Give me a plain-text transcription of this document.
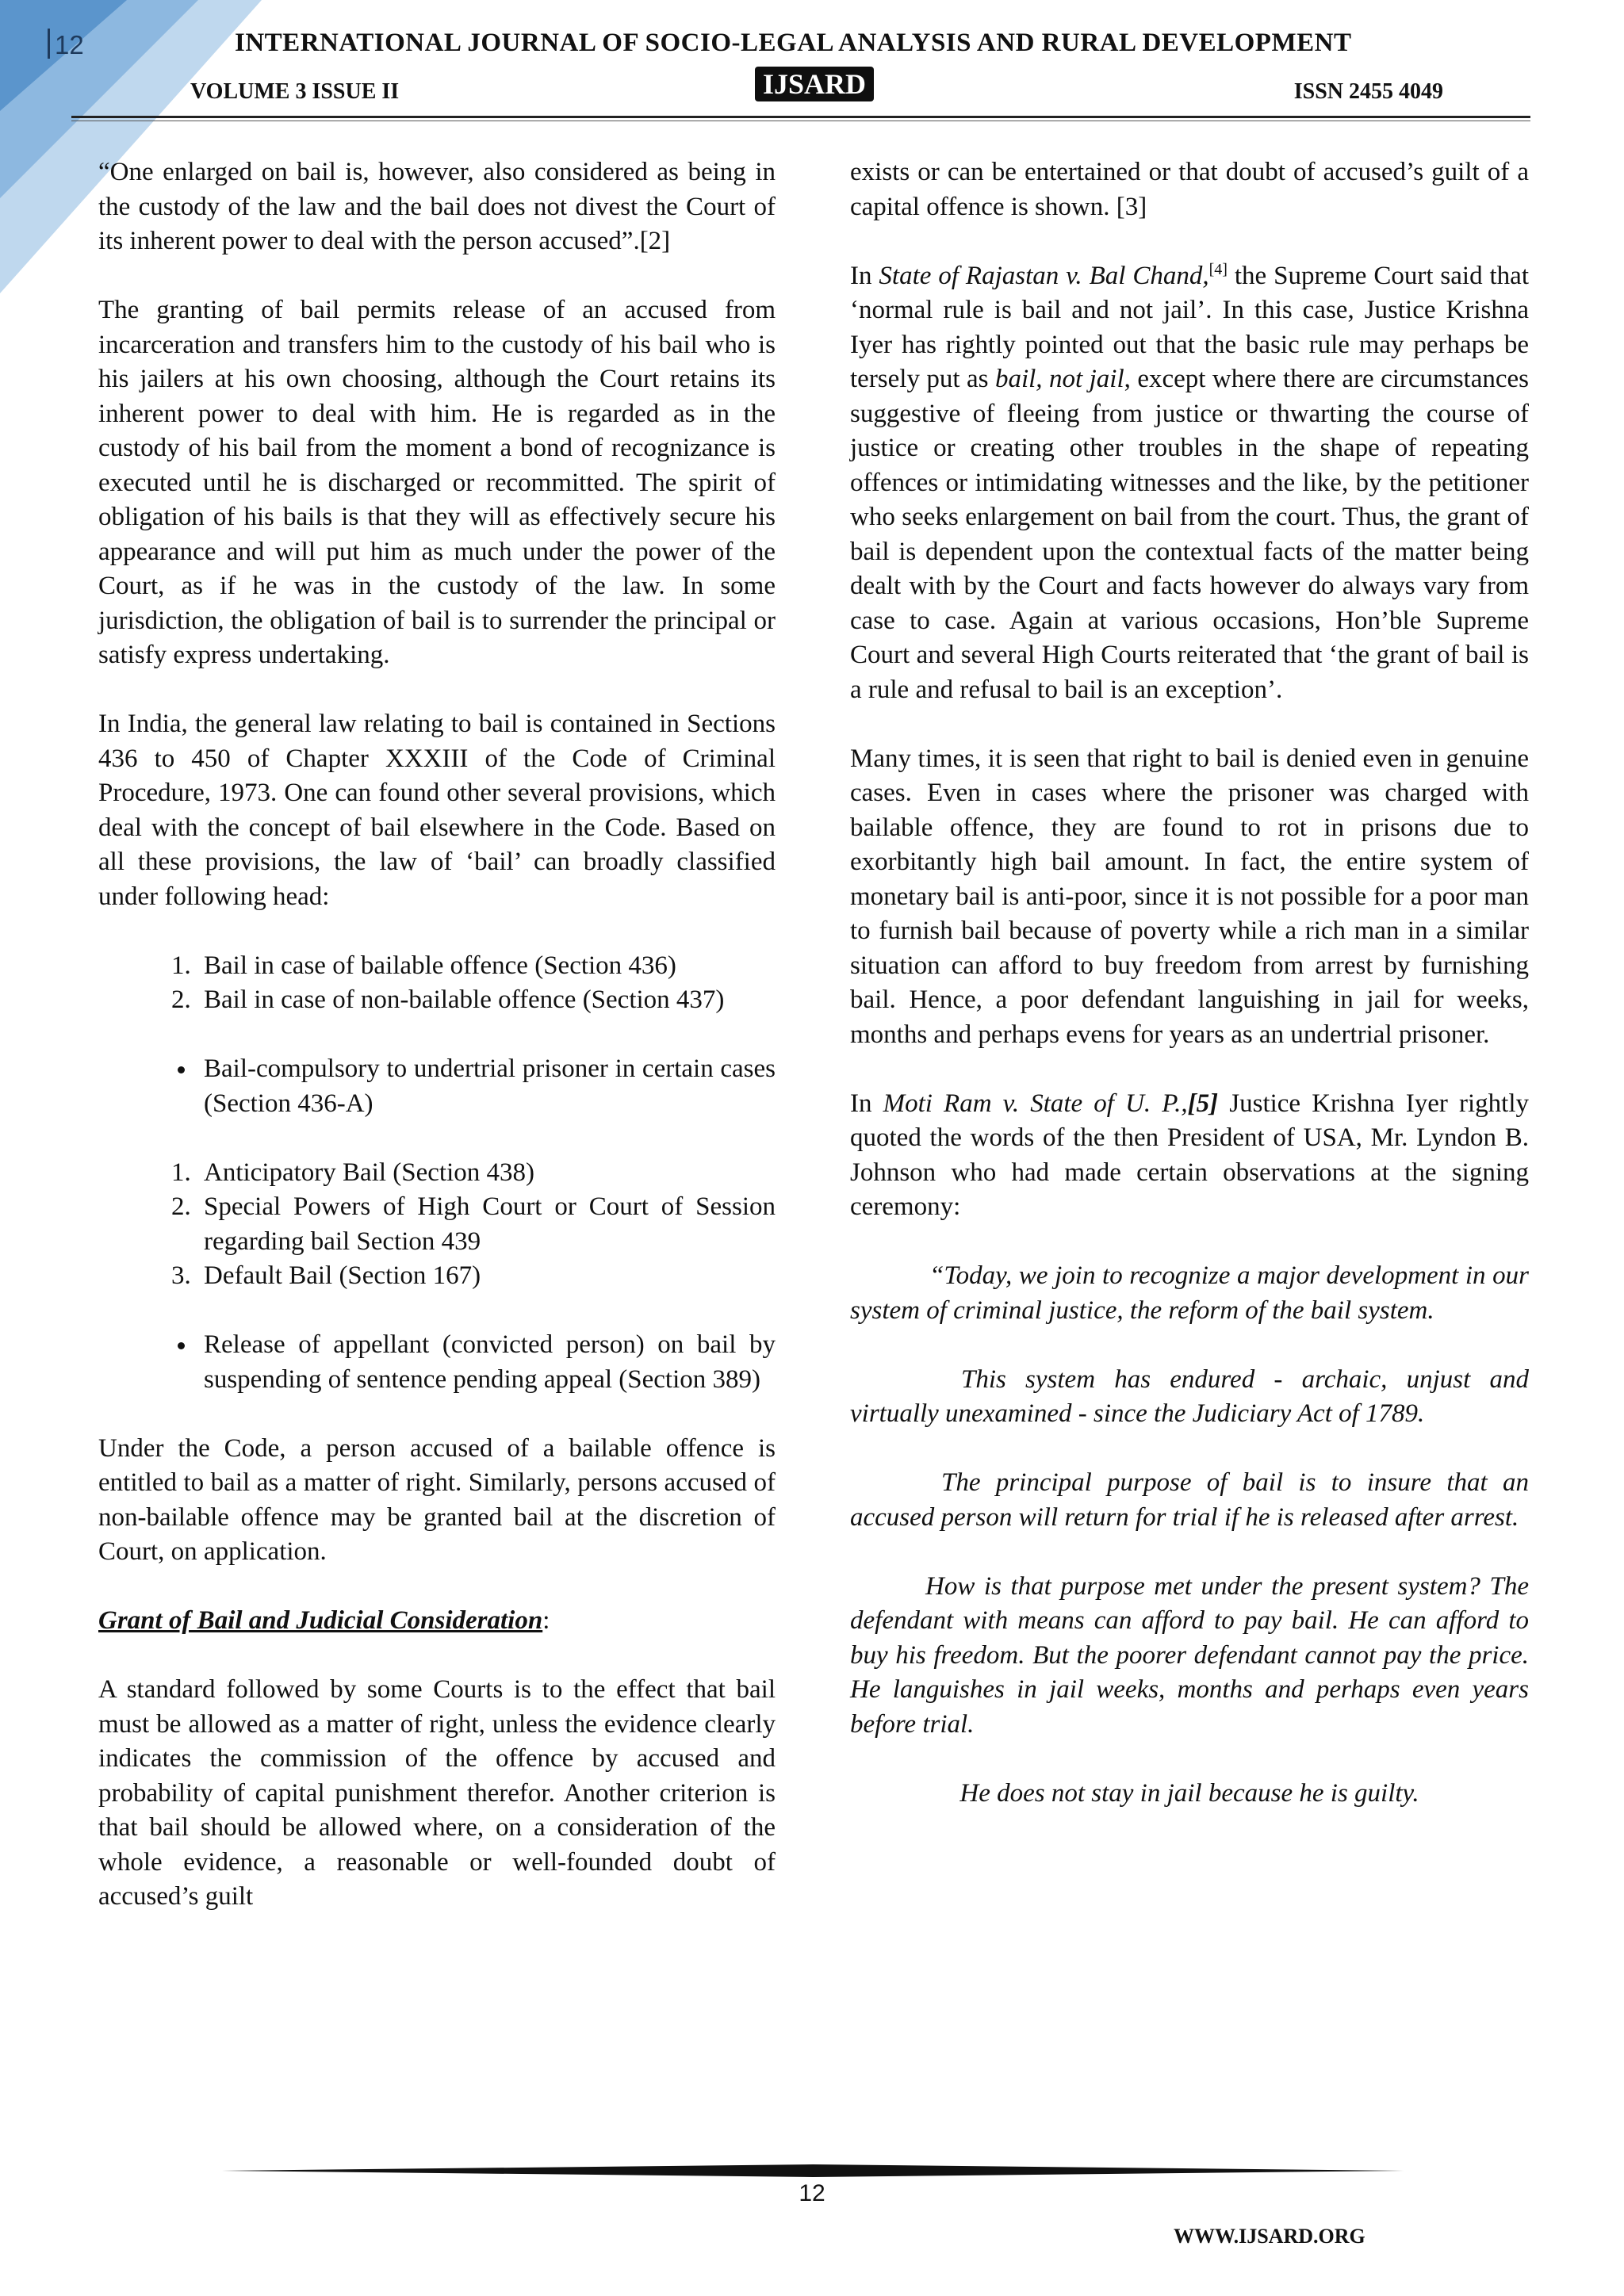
12	INTERNATIONAL JOURNAL OF SOCIO-LEGAL ANALYSIS AND RURAL DEVELOPMENT
VOLUME 3 ISSUE II	IJSARD	ISSN 2455 4049

“One enlarged on bail is, however, also considered as being in the custody of the law and the bail does not divest the Court of its inherent power to deal with the person accused”.[2]

The granting of bail permits release of an accused from incarceration and transfers him to the custody of his bail who is his jailers at his own choosing, although the Court retains its inherent power to deal with him. He is regarded as in the custody of his bail from the moment a bond of recognizance is executed until he is discharged or recommitted. The spirit of obligation of his bails is that they will as effectively secure his appearance and will put him as much under the power of the Court, as if he was in the custody of the law. In some jurisdiction, the obligation of bail is to surrender the principal or satisfy express undertaking.

In India, the general law relating to bail is contained in Sections 436 to 450 of Chapter XXXIII of the Code of Criminal Procedure, 1973. One can found other several provisions, which deal with the concept of bail elsewhere in the Code. Based on all these provisions, the law of ‘bail’ can broadly classified under following head:

1. Bail in case of bailable offence (Section 436)
2. Bail in case of non-bailable offence (Section 437)
• Bail-compulsory to undertrial prisoner in certain cases (Section 436-A)
1. Anticipatory Bail (Section 438)
2. Special Powers of High Court or Court of Session regarding bail Section 439
3. Default Bail (Section 167)
• Release of appellant (convicted person) on bail by suspending of sentence pending appeal (Section 389)

Under the Code, a person accused of a bailable offence is entitled to bail as a matter of right. Similarly, persons accused of non-bailable offence may be granted bail at the discretion of Court, on application.

Grant of Bail and Judicial Consideration:

A standard followed by some Courts is to the effect that bail must be allowed as a matter of right, unless the evidence clearly indicates the commission of the offence by accused and probability of capital punishment therefor. Another criterion is that bail should be allowed where, on a consideration of the whole evidence, a reasonable or well-founded doubt of accused’s guilt

exists or can be entertained or that doubt of accused’s guilt of a capital offence is shown. [3]

In State of Rajastan v. Bal Chand,[4] the Supreme Court said that ‘normal rule is bail and not jail’. In this case, Justice Krishna Iyer has rightly pointed out that the basic rule may perhaps be tersely put as bail, not jail, except where there are circumstances suggestive of fleeing from justice or thwarting the course of justice or creating other troubles in the shape of repeating offences or intimidating witnesses and the like, by the petitioner who seeks enlargement on bail from the court. Thus, the grant of bail is dependent upon the contextual facts of the matter being dealt with by the Court and facts however do always vary from case to case. Again at various occasions, Hon’ble Supreme Court and several High Courts reiterated that ‘the grant of bail is a rule and refusal to bail is an exception’.

Many times, it is seen that right to bail is denied even in genuine cases. Even in cases where the prisoner was charged with bailable offence, they are found to rot in prisons due to exorbitantly high bail amount. In fact, the entire system of monetary bail is anti-poor, since it is not possible for a poor man to furnish bail because of poverty while a rich man in a similar situation can afford to buy freedom from arrest by furnishing bail. Hence, a poor defendant languishing in jail for weeks, months and perhaps evens for years as an undertrial prisoner.

In Moti Ram v. State of U. P.,[5] Justice Krishna Iyer rightly quoted the words of the then President of USA, Mr. Lyndon B. Johnson who had made certain observations at the signing ceremony:

“Today, we join to recognize a major development in our system of criminal justice, the reform of the bail system.

This system has endured - archaic, unjust and virtually unexamined - since the Judiciary Act of 1789.

The principal purpose of bail is to insure that an accused person will return for trial if he is released after arrest.

How is that purpose met under the present system? The defendant with means can afford to pay bail. He can afford to buy his freedom. But the poorer defendant cannot pay the price. He languishes in jail weeks, months and perhaps even years before trial.

He does not stay in jail because he is guilty.

12
WWW.IJSARD.ORG
